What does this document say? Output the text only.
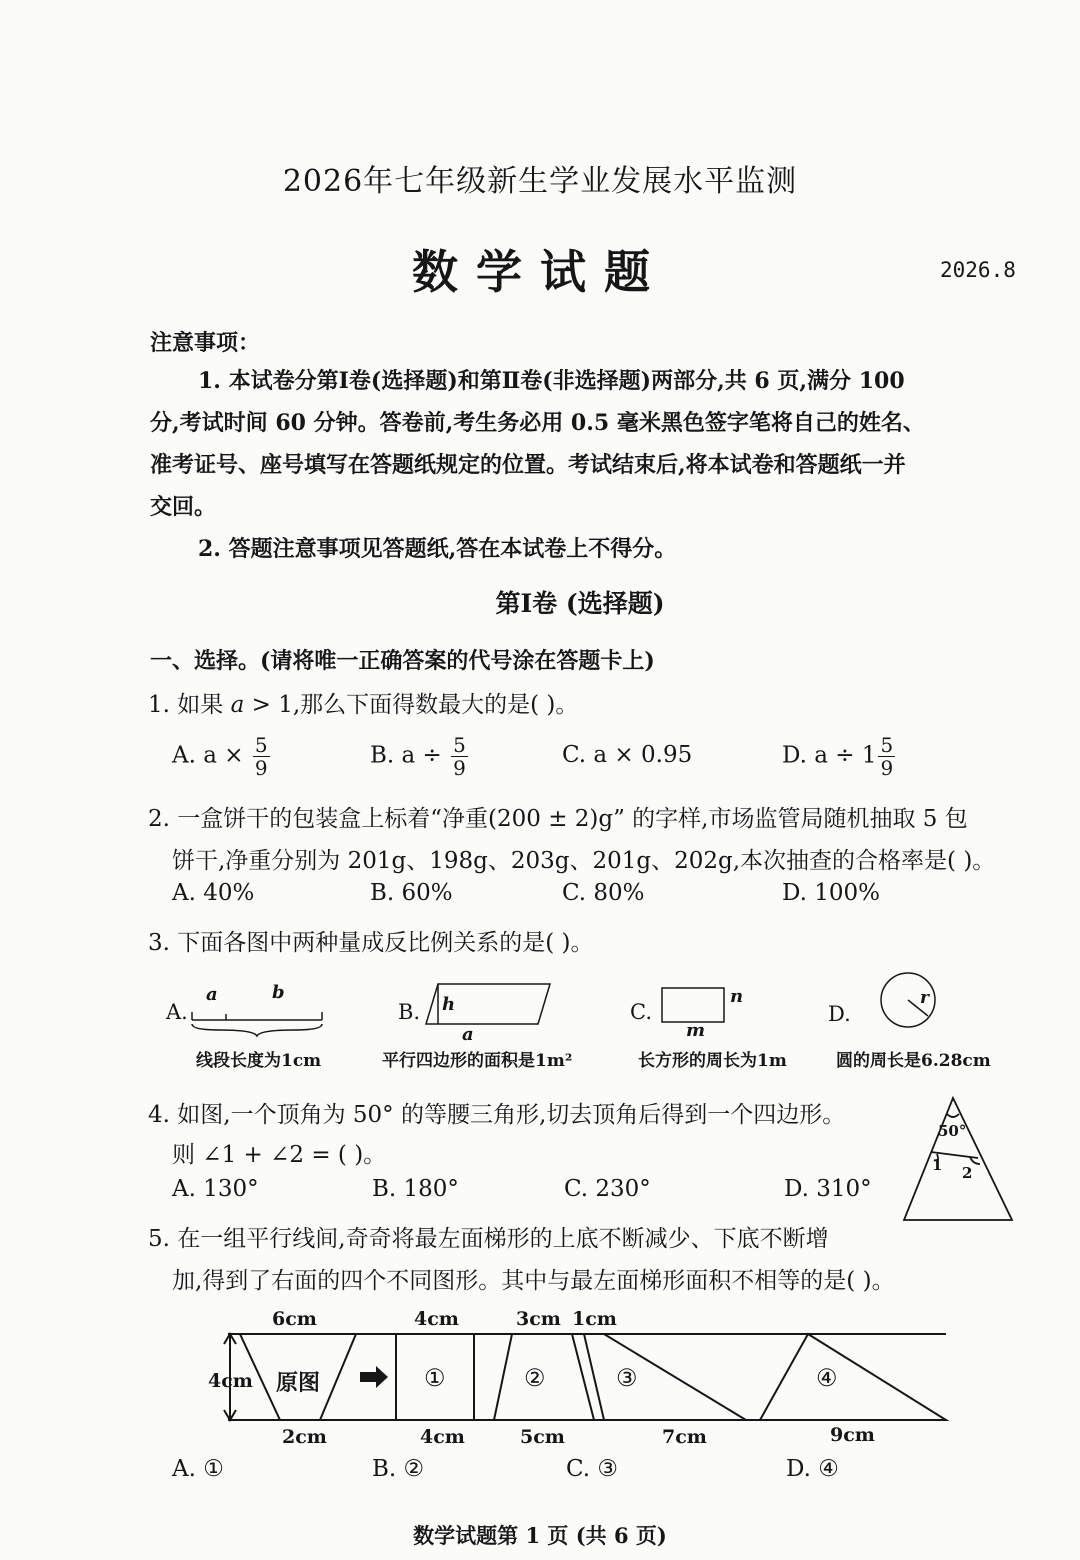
2026年七年级新生学业发展水平监测
数学试题	2026.8
注意事项：
1. 本试卷分第Ⅰ卷(选择题)和第Ⅱ卷(非选择题)两部分,共 6 页,满分 100
分,考试时间 60 分钟。答卷前,考生务必用 0.5 毫米黑色签字笔将自己的姓名、
准考证号、座号填写在答题纸规定的位置。考试结束后,将本试卷和答题纸一并
交回。
2. 答题注意事项见答题纸,答在本试卷上不得分。
第Ⅰ卷 (选择题)
一、选择。(请将唯一正确答案的代号涂在答题卡上)
1. 如果 a > 1,那么下面得数最大的是( )。
A. $a \times \frac{5}{9}$	B. $a \div \frac{5}{9}$	C. a × 0.95	D. $a \div 1 \frac{5}{9}$
2. 一盒饼干的包装盒上标着“净重(200 ± 2)g” 的字样,市场监管局随机抽取 5 包
饼干,净重分别为 201g、198g、203g、201g、202g,本次抽查的合格率是( )。
A. 40%	B. 60%	C. 80%	D. 100%
3. 下面各图中两种量成反比例关系的是( )。
A.
a	b
线段长度为1cm
B. h
a
平行四边形的面积是1m²
C.
n
m
长方形的周长为1m
D.
r
圆的周长是6.28cm
4. 如图,一个顶角为 50° 的等腰三角形,切去顶角后得到一个四边形。
则 ∠1 + ∠2 = ( )。
A. 130°	B. 180°	C. 230°	D. 310°
50°
1 2
5. 在一组平行线间,奇奇将最左面梯形的上底不断减少、下底不断增
加,得到了右面的四个不同图形。其中与最左面梯形面积不相等的是( )。
6cm	4cm	3cm 1cm
4cm 原图	①	②	③	④
2cm	4cm	5cm	7cm	9cm
A. ①	B. ②	C. ③	D. ④
数学试题第 1 页 (共 6 页)
